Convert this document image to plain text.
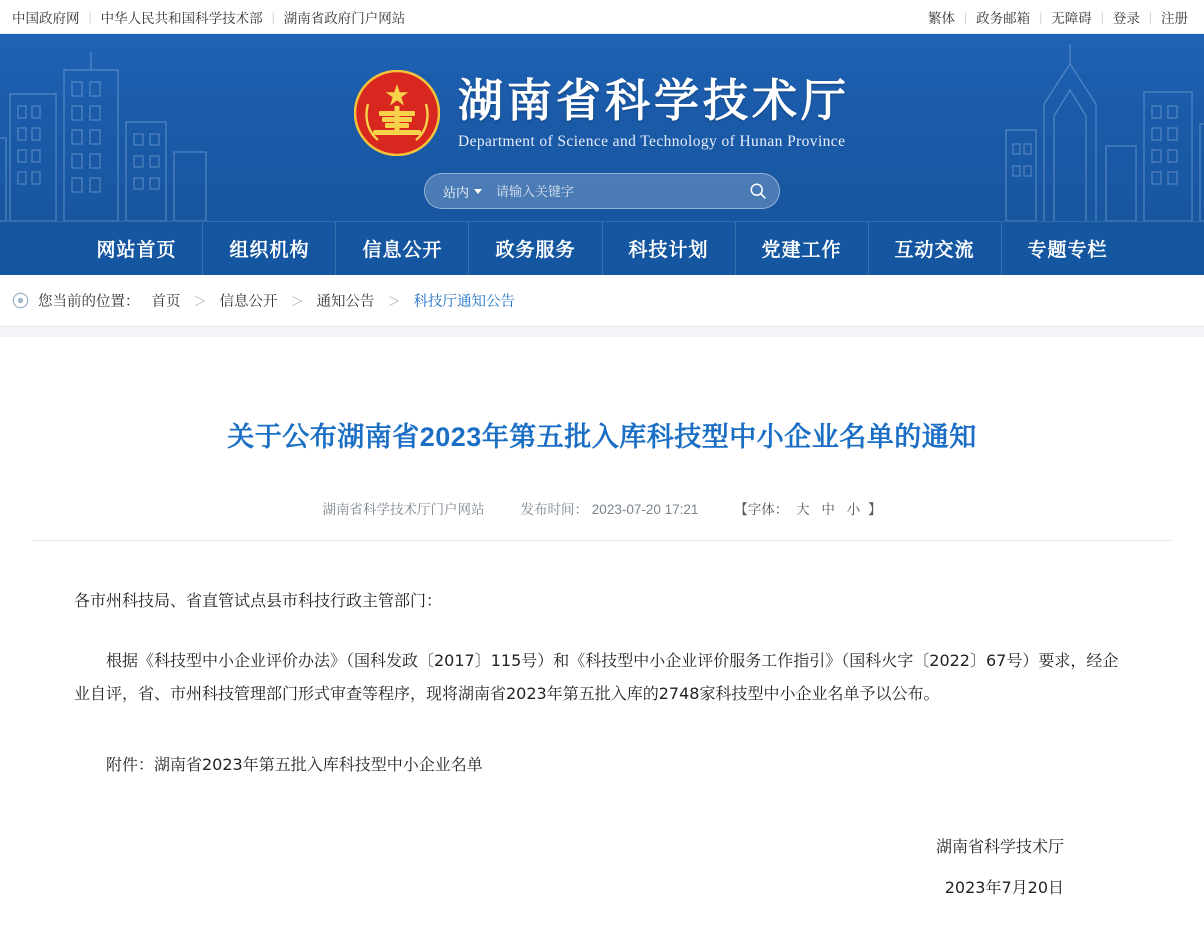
中国政府网 | 中华人民共和国科学技术部 | 湖南省政府门户网站	繁体 | 政务邮箱 | 无障碍 | 登录 | 注册
湖南省科学技术厅
Department of Science and Technology of Hunan Province
站内
请输入关键字
网站首页	组织机构	信息公开	政务服务	科技计划	党建工作	互动交流	专题专栏
您当前的位置： 首页 ＞ 信息公开 ＞ 通知公告 ＞ 科技厅通知公告
关于公布湖南省2023年第五批入库科技型中小企业名单的通知
湖南省科学技术厅门户网站	发布时间： 2023-07-20 17:21	【字体： 大 中 小 】

各市州科技局、省直管试点县市科技行政主管部门：

根据《科技型中小企业评价办法》（国科发政〔2017〕115号）和《科技型中小企业评价服务工作指引》（国科火字〔2022〕67号）要求，经企业自评，省、市州科技管理部门形式审查等程序，现将湖南省2023年第五批入库的2748家科技型中小企业名单予以公布。

附件：湖南省2023年第五批入库科技型中小企业名单

湖南省科学技术厅
2023年7月20日
